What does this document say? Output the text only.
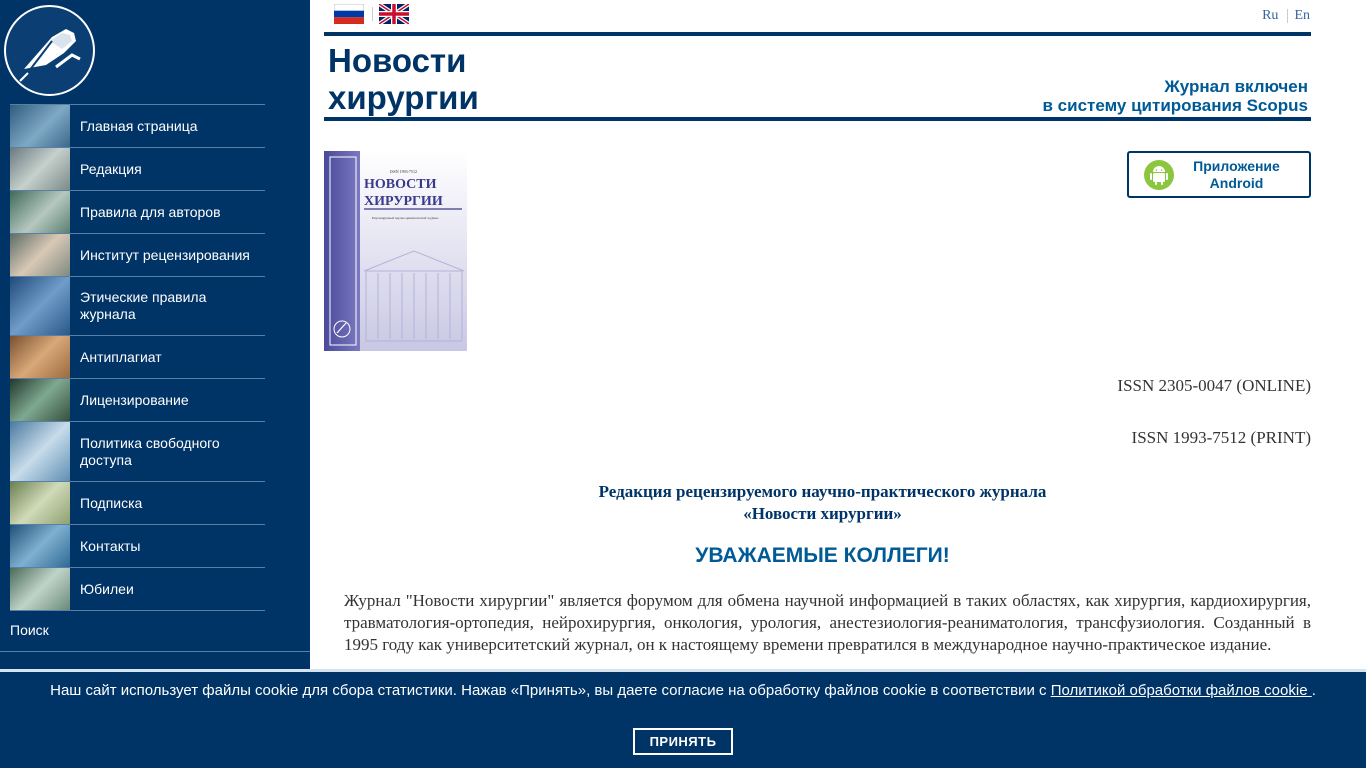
Главная страница
Редакция
Правила для авторов
Институт рецензирования
Этические правила журнала
Антиплагиат
Лицензирование
Политика свободного доступа
Подписка
Контакты
Юбилеи
Поиск
Ru En
Новости хирургии	Журнал включен
в систему цитирования Scopus
ISSN 1993-7512
НОВОСТИ
ХИРУРГИИ
Рецензируемый научно-практический журнал
Приложение
Android
ISSN 2305-0047 (ONLINE)
ISSN 1993-7512 (PRINT)
Редакция рецензируемого научно-практического журнала
«Новости хирургии»
УВАЖАЕМЫЕ КОЛЛЕГИ!

Журнал "Новости хирургии" является форумом для обмена научной информацией в таких областях, как хирургия, кардиохирургия, травматология-ортопедия, нейрохирургия, онкология, урология, анестезиология-реаниматология, трансфузиология. Созданный в 1995 году как университетский журнал, он к настоящему времени превратился в международное научно-практическое издание.

Наш сайт использует файлы cookie для сбора статистики. Нажав «Принять», вы даете согласие на обработку файлов cookie в соответствии с Политикой обработки файлов cookie .
ПРИНЯТЬ
